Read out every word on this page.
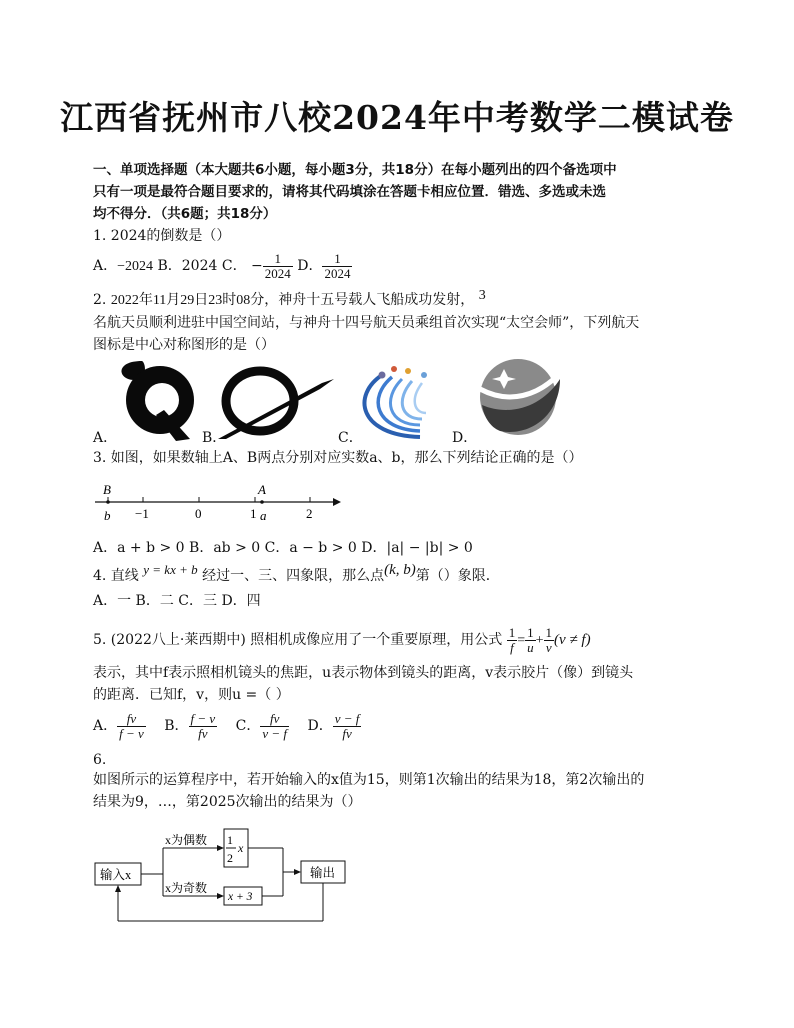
江西省抚州市八校2024年中考数学二模试卷
一、单项选择题（本大题共6小题，每小题3分，共18分）在每小题列出的四个备选项中
只有一项是最符合题目要求的，请将其代码填涂在答题卡相应位置．错选、多选或未选
均不得分．（共6题；共18分）
1. 2024的倒数是（）
A．−2024 B．2024 C． − $\frac{1}{2024}$ D． $\frac{1}{2024}$
2. 2022年11月29日23时08分，神舟十五号载人飞船成功发射， 3
名航天员顺利进驻中国空间站，与神舟十四号航天员乘组首次实现“太空会师”，下列航天
图标是中心对称图形的是（）
A．	B．	C．	D．
3. 如图，如果数轴上A、B两点分别对应实数a、b，那么下列结论正确的是（）
B	A
b −1	0	1 a	2
A．a + b > 0 B．ab > 0 C．a − b > 0 D．|a| − |b| > 0
4. 直线 y = kx + b 经过一、三、四象限，那么点(k, b)第（）象限．
A．一 B．二 C．三 D．四
5. (2022八上·莱西期中) 照相机成像应用了一个重要原理，用公式 $\frac{1}{f} = \frac{1}{u} + \frac{1}{v} (v \ne f)$
表示，其中f表示照相机镜头的焦距，u表示物体到镜头的距离，v表示胶片（像）到镜头
的距离．已知f，v，则u =（ ）
A． $\frac{fv}{f - v}$ B． $\frac{f - v}{fv}$ C． $\frac{fv}{v - f}$ D． $\frac{v - f}{fv}$
6.
如图所示的运算程序中，若开始输入的x值为15，则第1次输出的结果为18，第2次输出的
结果为9，…，第2025次输出的结果为（）
输入x
x为偶数
x为奇数
1
2
x
x + 3
输出
